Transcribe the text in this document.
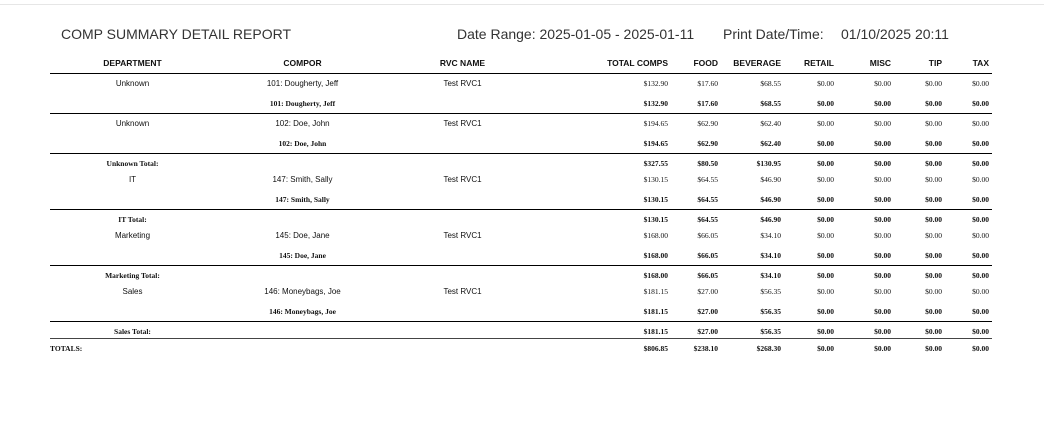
COMP SUMMARY DETAIL REPORT	Date Range: 2025-01-05 - 2025-01-11 Print Date/Time: 01/10/2025 20:11
DEPARTMENT	COMPOR	RVC NAME	TOTAL COMPS	FOOD	BEVERAGE	RETAIL	MISC	TIP	TAX
Unknown	101: Dougherty, Jeff	Test RVC1	$132.90	$17.60	$68.55	$0.00	$0.00	$0.00	$0.00
	101: Dougherty, Jeff		$132.90	$17.60	$68.55	$0.00	$0.00	$0.00	$0.00
Unknown	102: Doe, John	Test RVC1	$194.65	$62.90	$62.40	$0.00	$0.00	$0.00	$0.00
	102: Doe, John		$194.65	$62.90	$62.40	$0.00	$0.00	$0.00	$0.00
Unknown Total:			$327.55	$80.50	$130.95	$0.00	$0.00	$0.00	$0.00
IT	147: Smith, Sally	Test RVC1	$130.15	$64.55	$46.90	$0.00	$0.00	$0.00	$0.00
	147: Smith, Sally		$130.15	$64.55	$46.90	$0.00	$0.00	$0.00	$0.00
IT Total:			$130.15	$64.55	$46.90	$0.00	$0.00	$0.00	$0.00
Marketing	145: Doe, Jane	Test RVC1	$168.00	$66.05	$34.10	$0.00	$0.00	$0.00	$0.00
	145: Doe, Jane		$168.00	$66.05	$34.10	$0.00	$0.00	$0.00	$0.00
Marketing Total:			$168.00	$66.05	$34.10	$0.00	$0.00	$0.00	$0.00
Sales	146: Moneybags, Joe	Test RVC1	$181.15	$27.00	$56.35	$0.00	$0.00	$0.00	$0.00
	146: Moneybags, Joe		$181.15	$27.00	$56.35	$0.00	$0.00	$0.00	$0.00
Sales Total:			$181.15	$27.00	$56.35	$0.00	$0.00	$0.00	$0.00
TOTALS:			$806.85	$238.10	$268.30	$0.00	$0.00	$0.00	$0.00
